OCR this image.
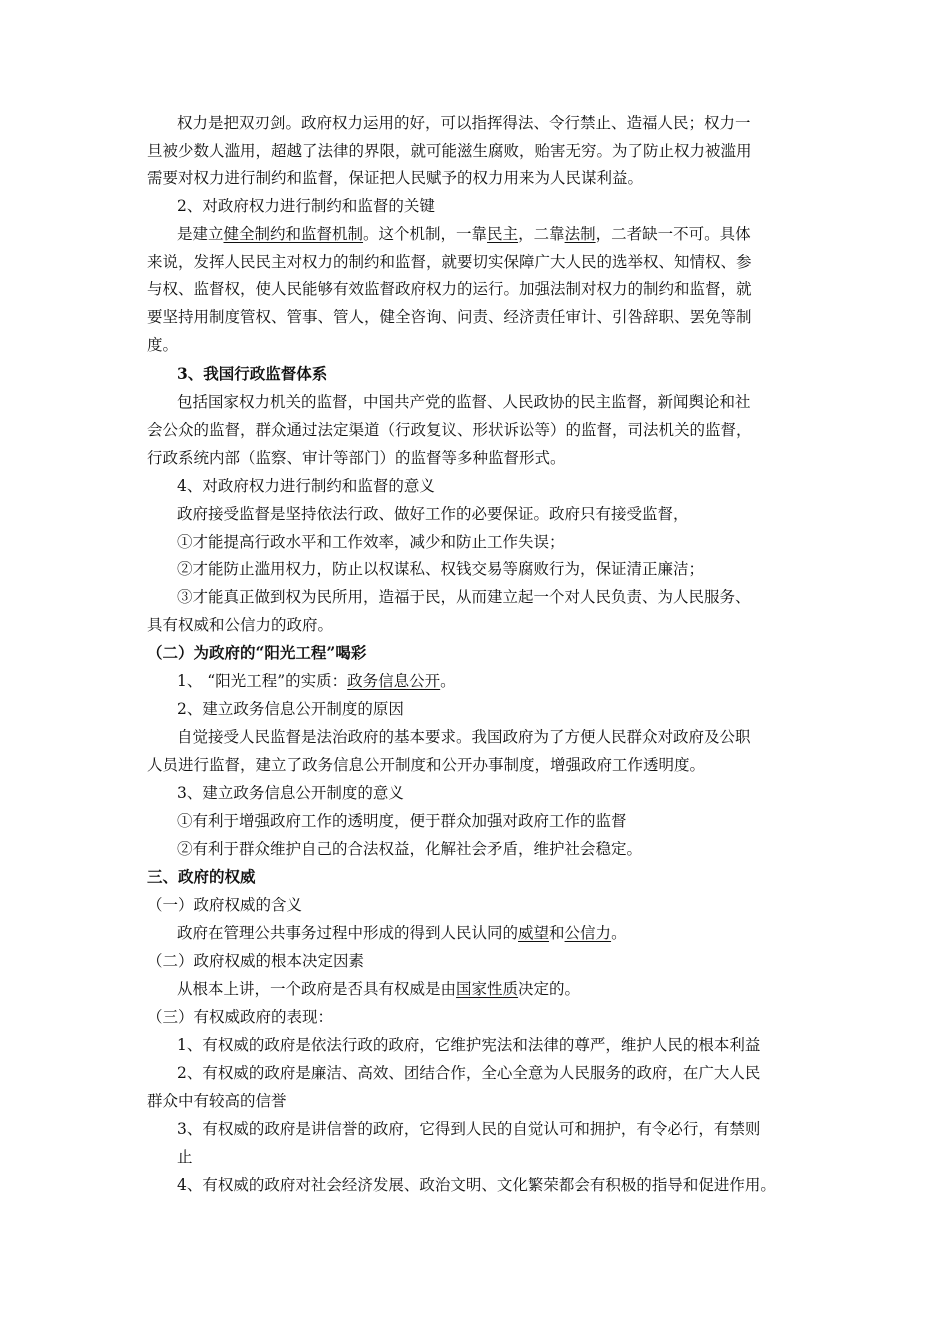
权力是把双刃剑。政府权力运用的好，可以指挥得法、令行禁止、造福人民；权力一
旦被少数人滥用，超越了法律的界限，就可能滋生腐败，贻害无穷。为了防止权力被滥用
需要对权力进行制约和监督，保证把人民赋予的权力用来为人民谋利益。
2、对政府权力进行制约和监督的关键
是建立健全制约和监督机制。这个机制，一靠民主，二靠法制，二者缺一不可。具体
来说，发挥人民民主对权力的制约和监督，就要切实保障广大人民的选举权、知情权、参
与权、监督权，使人民能够有效监督政府权力的运行。加强法制对权力的制约和监督，就
要坚持用制度管权、管事、管人，健全咨询、问责、经济责任审计、引咎辞职、罢免等制
度。
3、我国行政监督体系
包括国家权力机关的监督，中国共产党的监督、人民政协的民主监督，新闻舆论和社
会公众的监督，群众通过法定渠道（行政复议、形状诉讼等）的监督，司法机关的监督，
行政系统内部（监察、审计等部门）的监督等多种监督形式。
4、对政府权力进行制约和监督的意义
政府接受监督是坚持依法行政、做好工作的必要保证。政府只有接受监督，
①才能提高行政水平和工作效率，减少和防止工作失误；
②才能防止滥用权力，防止以权谋私、权钱交易等腐败行为，保证清正廉洁；
③才能真正做到权为民所用，造福于民，从而建立起一个对人民负责、为人民服务、
具有权威和公信力的政府。
（二）为政府的“阳光工程”喝彩
1、 “阳光工程”的实质：政务信息公开。
2、建立政务信息公开制度的原因
自觉接受人民监督是法治政府的基本要求。我国政府为了方便人民群众对政府及公职
人员进行监督，建立了政务信息公开制度和公开办事制度，增强政府工作透明度。
3、建立政务信息公开制度的意义
①有利于增强政府工作的透明度，便于群众加强对政府工作的监督
②有利于群众维护自己的合法权益，化解社会矛盾，维护社会稳定。
三、政府的权威
（一）政府权威的含义
政府在管理公共事务过程中形成的得到人民认同的威望和公信力。
（二）政府权威的根本决定因素
从根本上讲，一个政府是否具有权威是由国家性质决定的。
（三）有权威政府的表现：
1、有权威的政府是依法行政的政府，它维护宪法和法律的尊严，维护人民的根本利益
2、有权威的政府是廉洁、高效、团结合作，全心全意为人民服务的政府，在广大人民
群众中有较高的信誉
3、有权威的政府是讲信誉的政府，它得到人民的自觉认可和拥护，有令必行，有禁则
止
4、有权威的政府对社会经济发展、政治文明、文化繁荣都会有积极的指导和促进作用。
